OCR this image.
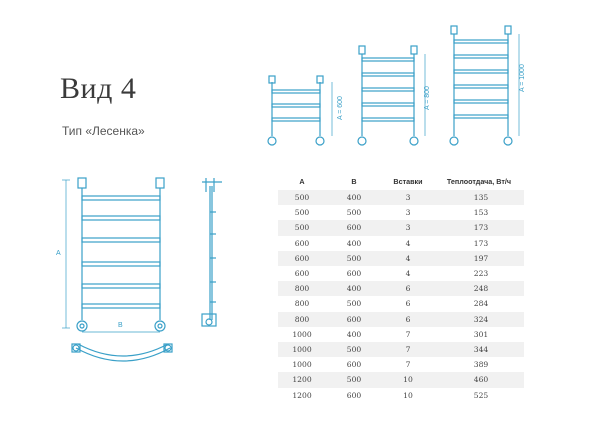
Вид 4
Тип «Лесенка»
A = 600	A = 800
A = 1000
A
B
A	B	Вставки	Теплоотдача, Вт/ч
500	400	3	135
500	500	3	153
500	600	3	173
600	400	4	173
600	500	4	197
600	600	4	223
800	400	6	248
800	500	6	284
800	600	6	324
1000	400	7	301
1000	500	7	344
1000	600	7	389
1200	500	10	460
1200	600	10	525
